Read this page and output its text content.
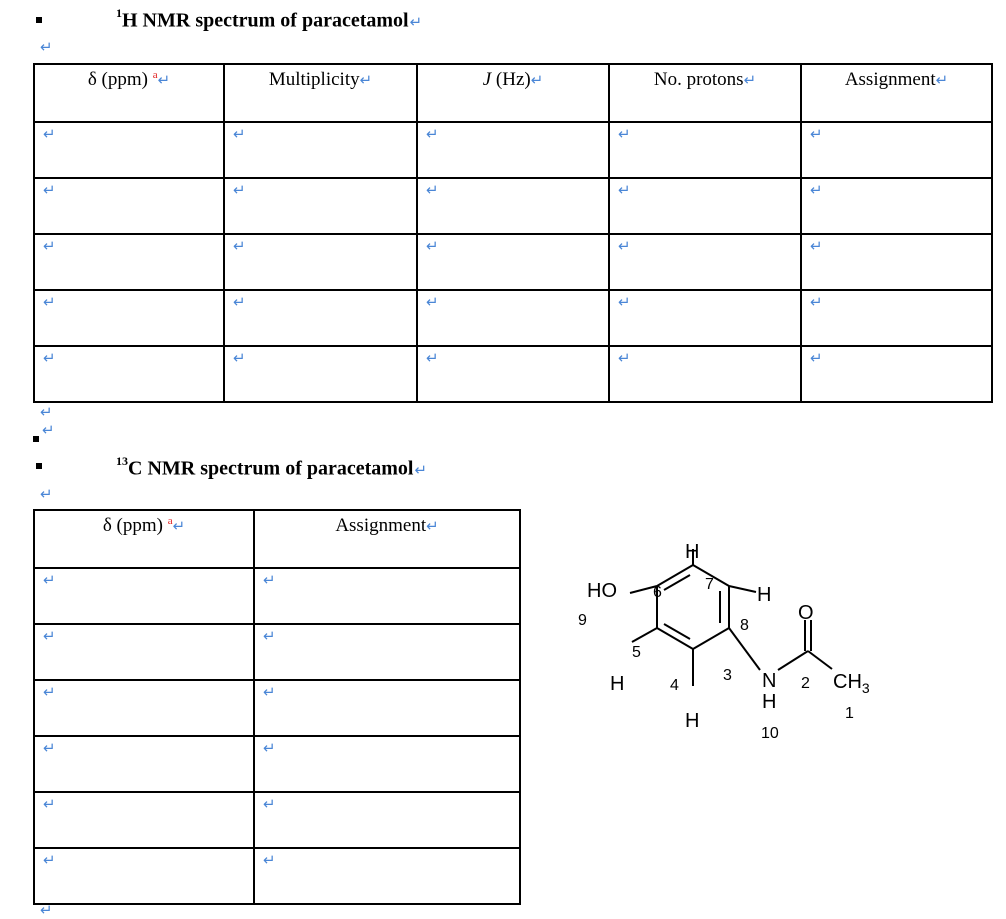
$^1$H NMR spectrum of paracetamol↵
↵
δ (ppm) $^a$↵	Multiplicity↵	J (Hz)↵	No. protons↵	Assignment↵

↵	↵	↵	↵	↵

↵	↵	↵	↵	↵

↵	↵	↵	↵	↵

↵	↵	↵	↵	↵

↵	↵	↵	↵	↵
↵
↵
$^{13}$C NMR spectrum of paracetamol↵
↵
δ (ppm) $^a$↵	Assignment↵

↵	↵

↵	↵

↵	↵

↵	↵

↵	↵

↵	↵
↵
HO
H
H
H
H
N
H
O
$CH_3$
1
2
3
4
5
6	7
8
9
10
